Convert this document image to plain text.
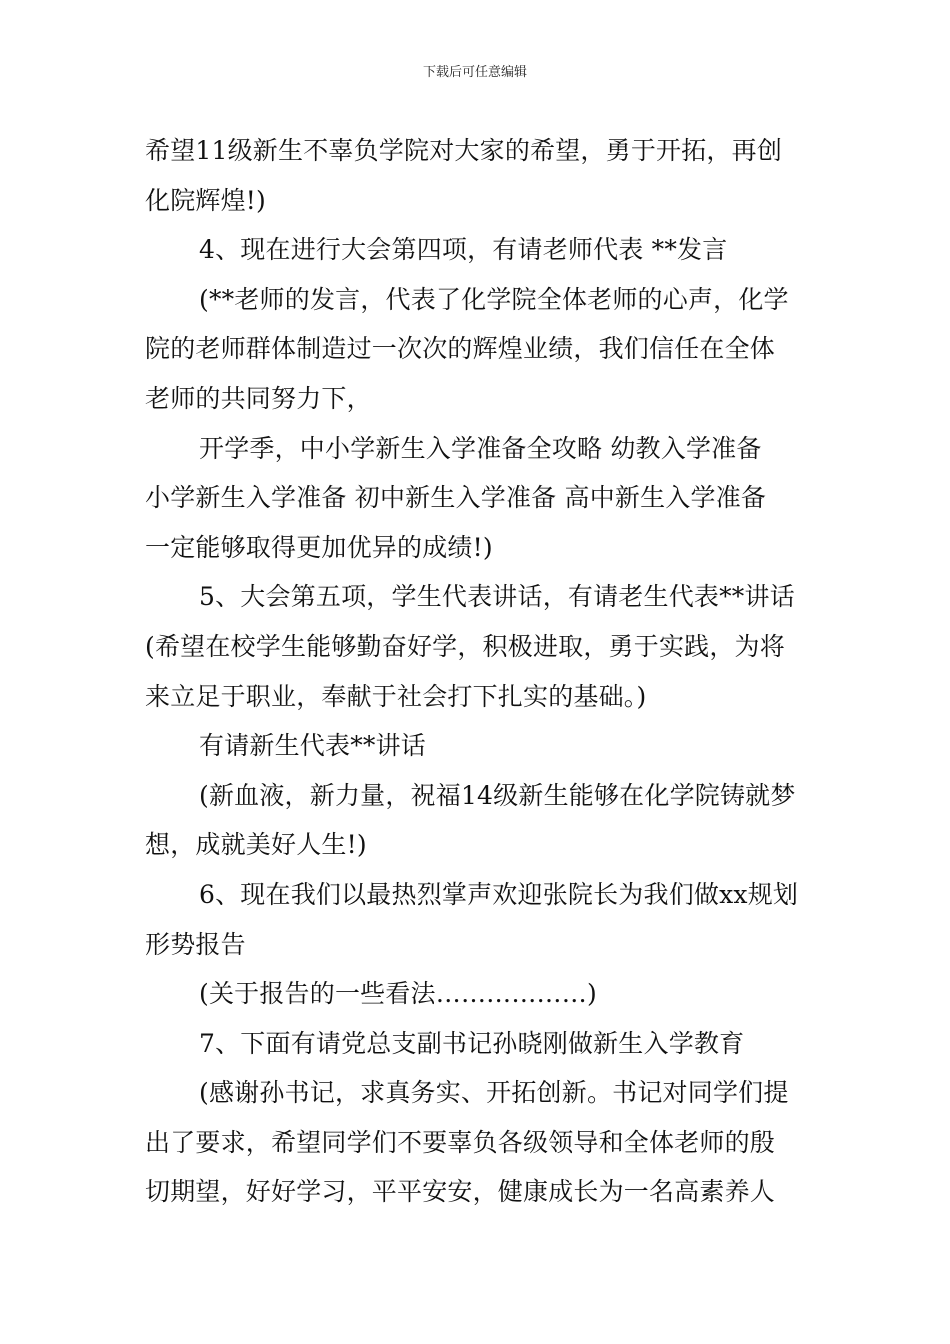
下载后可任意编辑
希望11级新生不辜负学院对大家的希望，勇于开拓，再创
化院辉煌!)
4、现在进行大会第四项，有请老师代表 **发言
(**老师的发言，代表了化学院全体老师的心声，化学
院的老师群体制造过一次次的辉煌业绩，我们信任在全体
老师的共同努力下，
开学季，中小学新生入学准备全攻略 幼教入学准备
小学新生入学准备 初中新生入学准备 高中新生入学准备
一定能够取得更加优异的成绩!)
5、大会第五项，学生代表讲话，有请老生代表**讲话
(希望在校学生能够勤奋好学，积极进取，勇于实践，为将
来立足于职业，奉献于社会打下扎实的基础。)
有请新生代表**讲话
(新血液，新力量，祝福14级新生能够在化学院铸就梦
想，成就美好人生!)
6、现在我们以最热烈掌声欢迎张院长为我们做xx规划
形势报告
(关于报告的一些看法………………)
7、下面有请党总支副书记孙晓刚做新生入学教育
(感谢孙书记，求真务实、开拓创新。书记对同学们提
出了要求，希望同学们不要辜负各级领导和全体老师的殷
切期望，好好学习，平平安安，健康成长为一名高素养人
